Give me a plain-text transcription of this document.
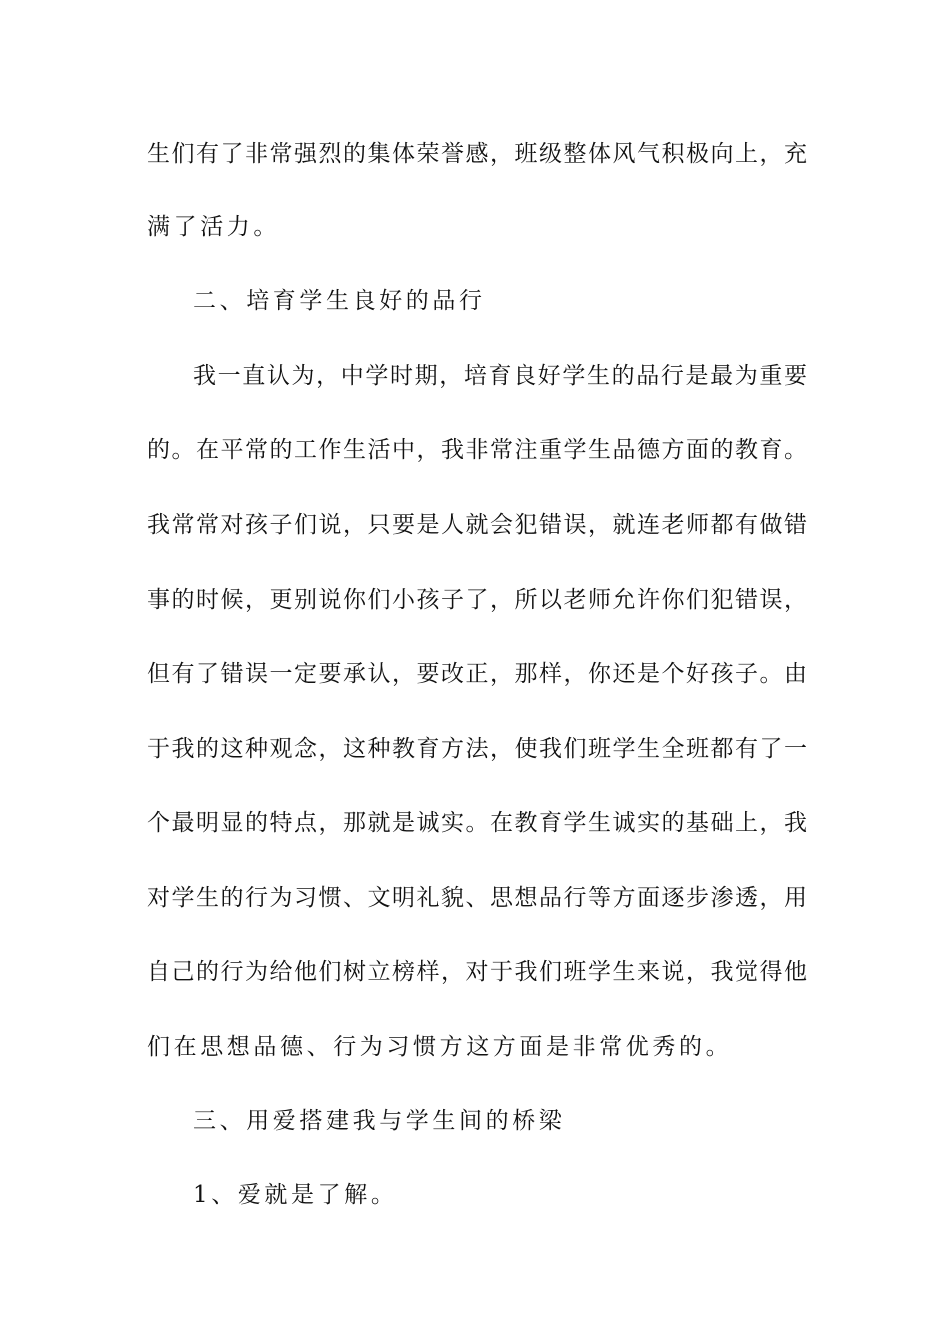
生们有了非常强烈的集体荣誉感，班级整体风气积极向上，充
满了活力。
二、培育学生良好的品行
我一直认为，中学时期，培育良好学生的品行是最为重要
的。在平常的工作生活中，我非常注重学生品德方面的教育。
我常常对孩子们说，只要是人就会犯错误，就连老师都有做错
事的时候，更别说你们小孩子了，所以老师允许你们犯错误，
但有了错误一定要承认，要改正，那样，你还是个好孩子。由
于我的这种观念，这种教育方法，使我们班学生全班都有了一
个最明显的特点，那就是诚实。在教育学生诚实的基础上，我
对学生的行为习惯、文明礼貌、思想品行等方面逐步渗透，用
自己的行为给他们树立榜样，对于我们班学生来说，我觉得他
们在思想品德、行为习惯方这方面是非常优秀的。
三、用爱搭建我与学生间的桥梁
1、爱就是了解。
